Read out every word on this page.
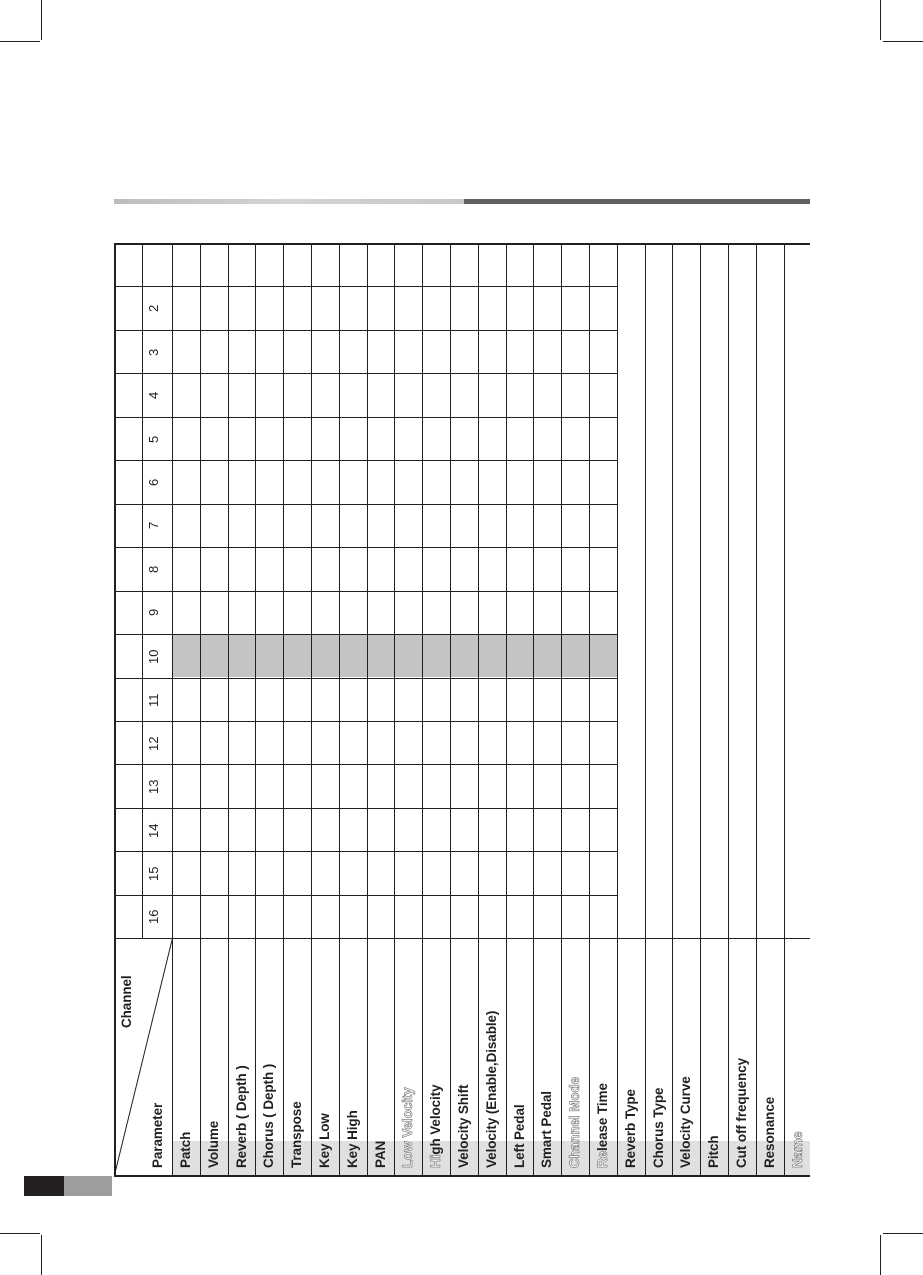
Channel
Parameter
2
3
4
5
6
7
8
9
10
11
12
13
14
15
16
Patch Volume Reverb ( Depth ) Chorus ( Depth ) Transpose Key Low Key High PAN Low Velocity High Velocity Velocity Shift Velocity (Enable,Disable) Left Pedal Smart Pedal Channel Mode Release Time Reverb Type Chorus Type Velocity Curve Pitch Cut off frequency Resonance Name
